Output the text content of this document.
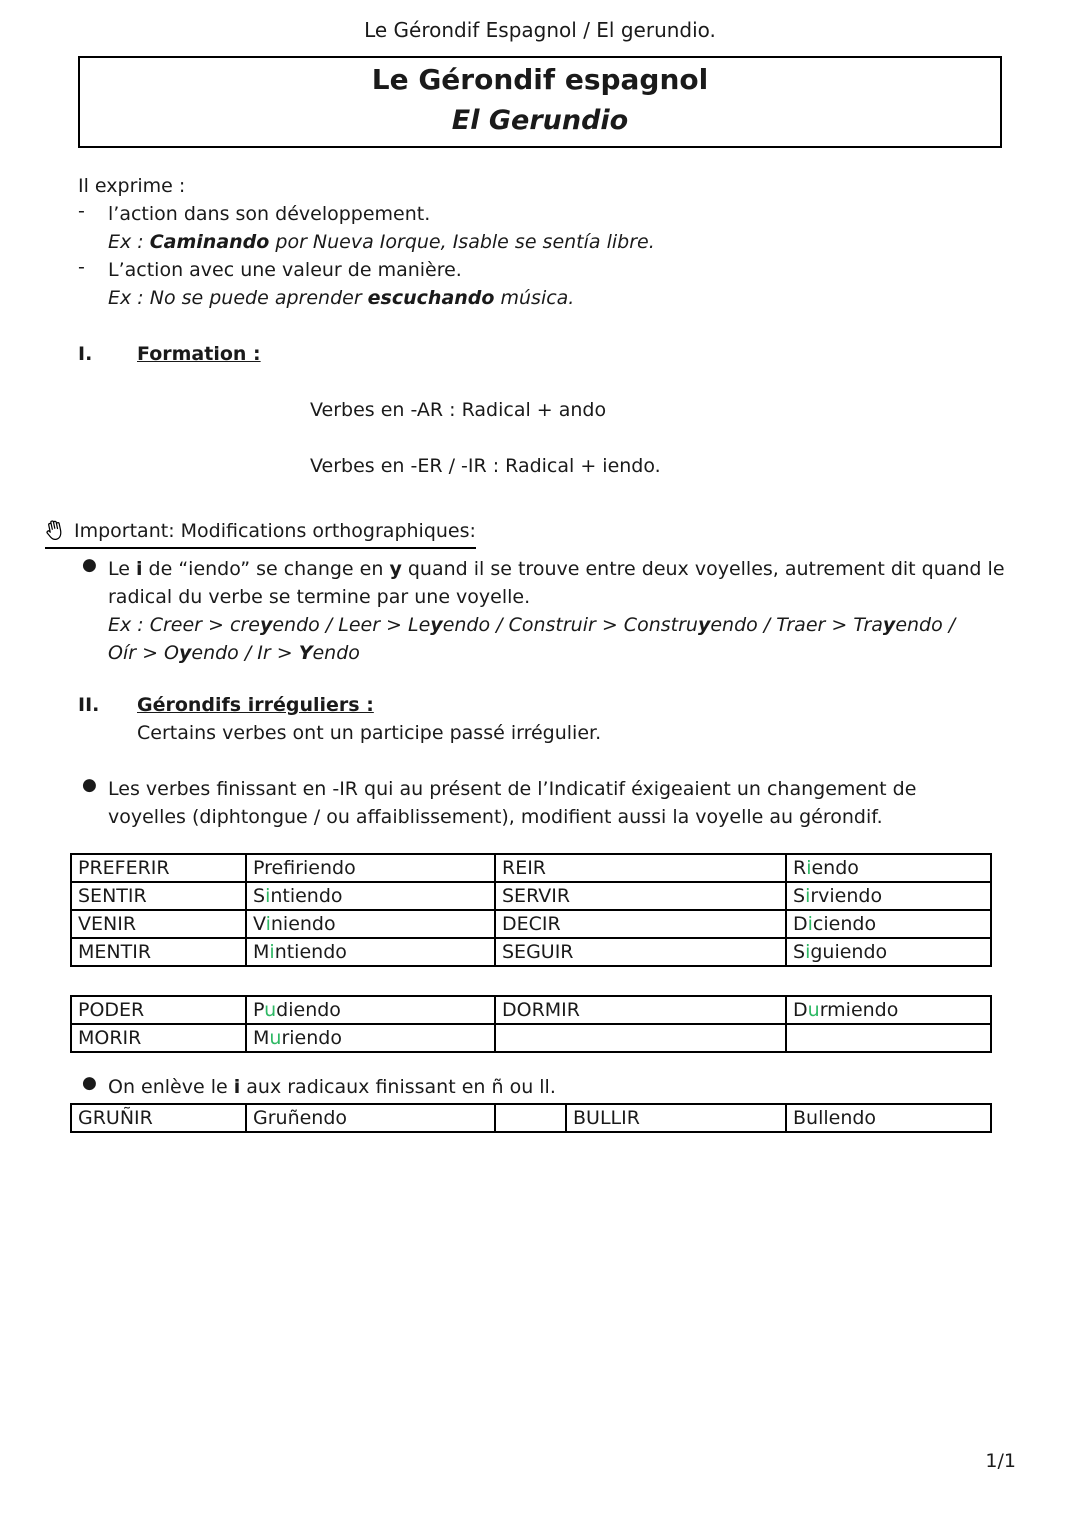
Le Gérondif Espagnol / El gerundio.
Le Gérondif espagnol
El Gerundio

Il exprime :

-	l’action dans son développement.

Ex : Caminando por Nueva Iorque, Isable se sentía libre.

-	L’action avec une valeur de manière.

Ex : No se puede aprender escuchando música.

I.	Formation :

Verbes en -AR : Radical + ando

Verbes en -ER / -IR : Radical + iendo.

Important: Modifications orthographiques:
● Le i de “iendo” se change en y quand il se trouve entre deux voyelles, autrement dit quand le

radical du verbe se termine par une voyelle.

Ex : Creer > creyendo / Leer > Leyendo / Construir > Construyendo / Traer > Trayendo /

Oír > Oyendo / Ir > Yendo

II.	Gérondifs irréguliers :

Certains verbes ont un participe passé irrégulier.

● Les verbes finissant en -IR qui au présent de l’Indicatif éxigeaient un changement de

voyelles (diphtongue / ou affaiblissement), modifient aussi la voyelle au gérondif.

PREFERIR	Prefriendo	REIR	Riendo
SENTIR	Sintiendo	SERVIR	Sirviendo
VENIR	Viniendo	DECIR	Diciendo
MENTIR	Mintiendo	SEGUIR	Siguiendo
PODER	Pudiendo	DORMIR	Durmiendo
MORIR	Muriendo		
● On enlève le i aux radicaux finissant en ñ ou ll.

GRUÑIR	Gruñendo		BULLIR	Bullendo
1/1
